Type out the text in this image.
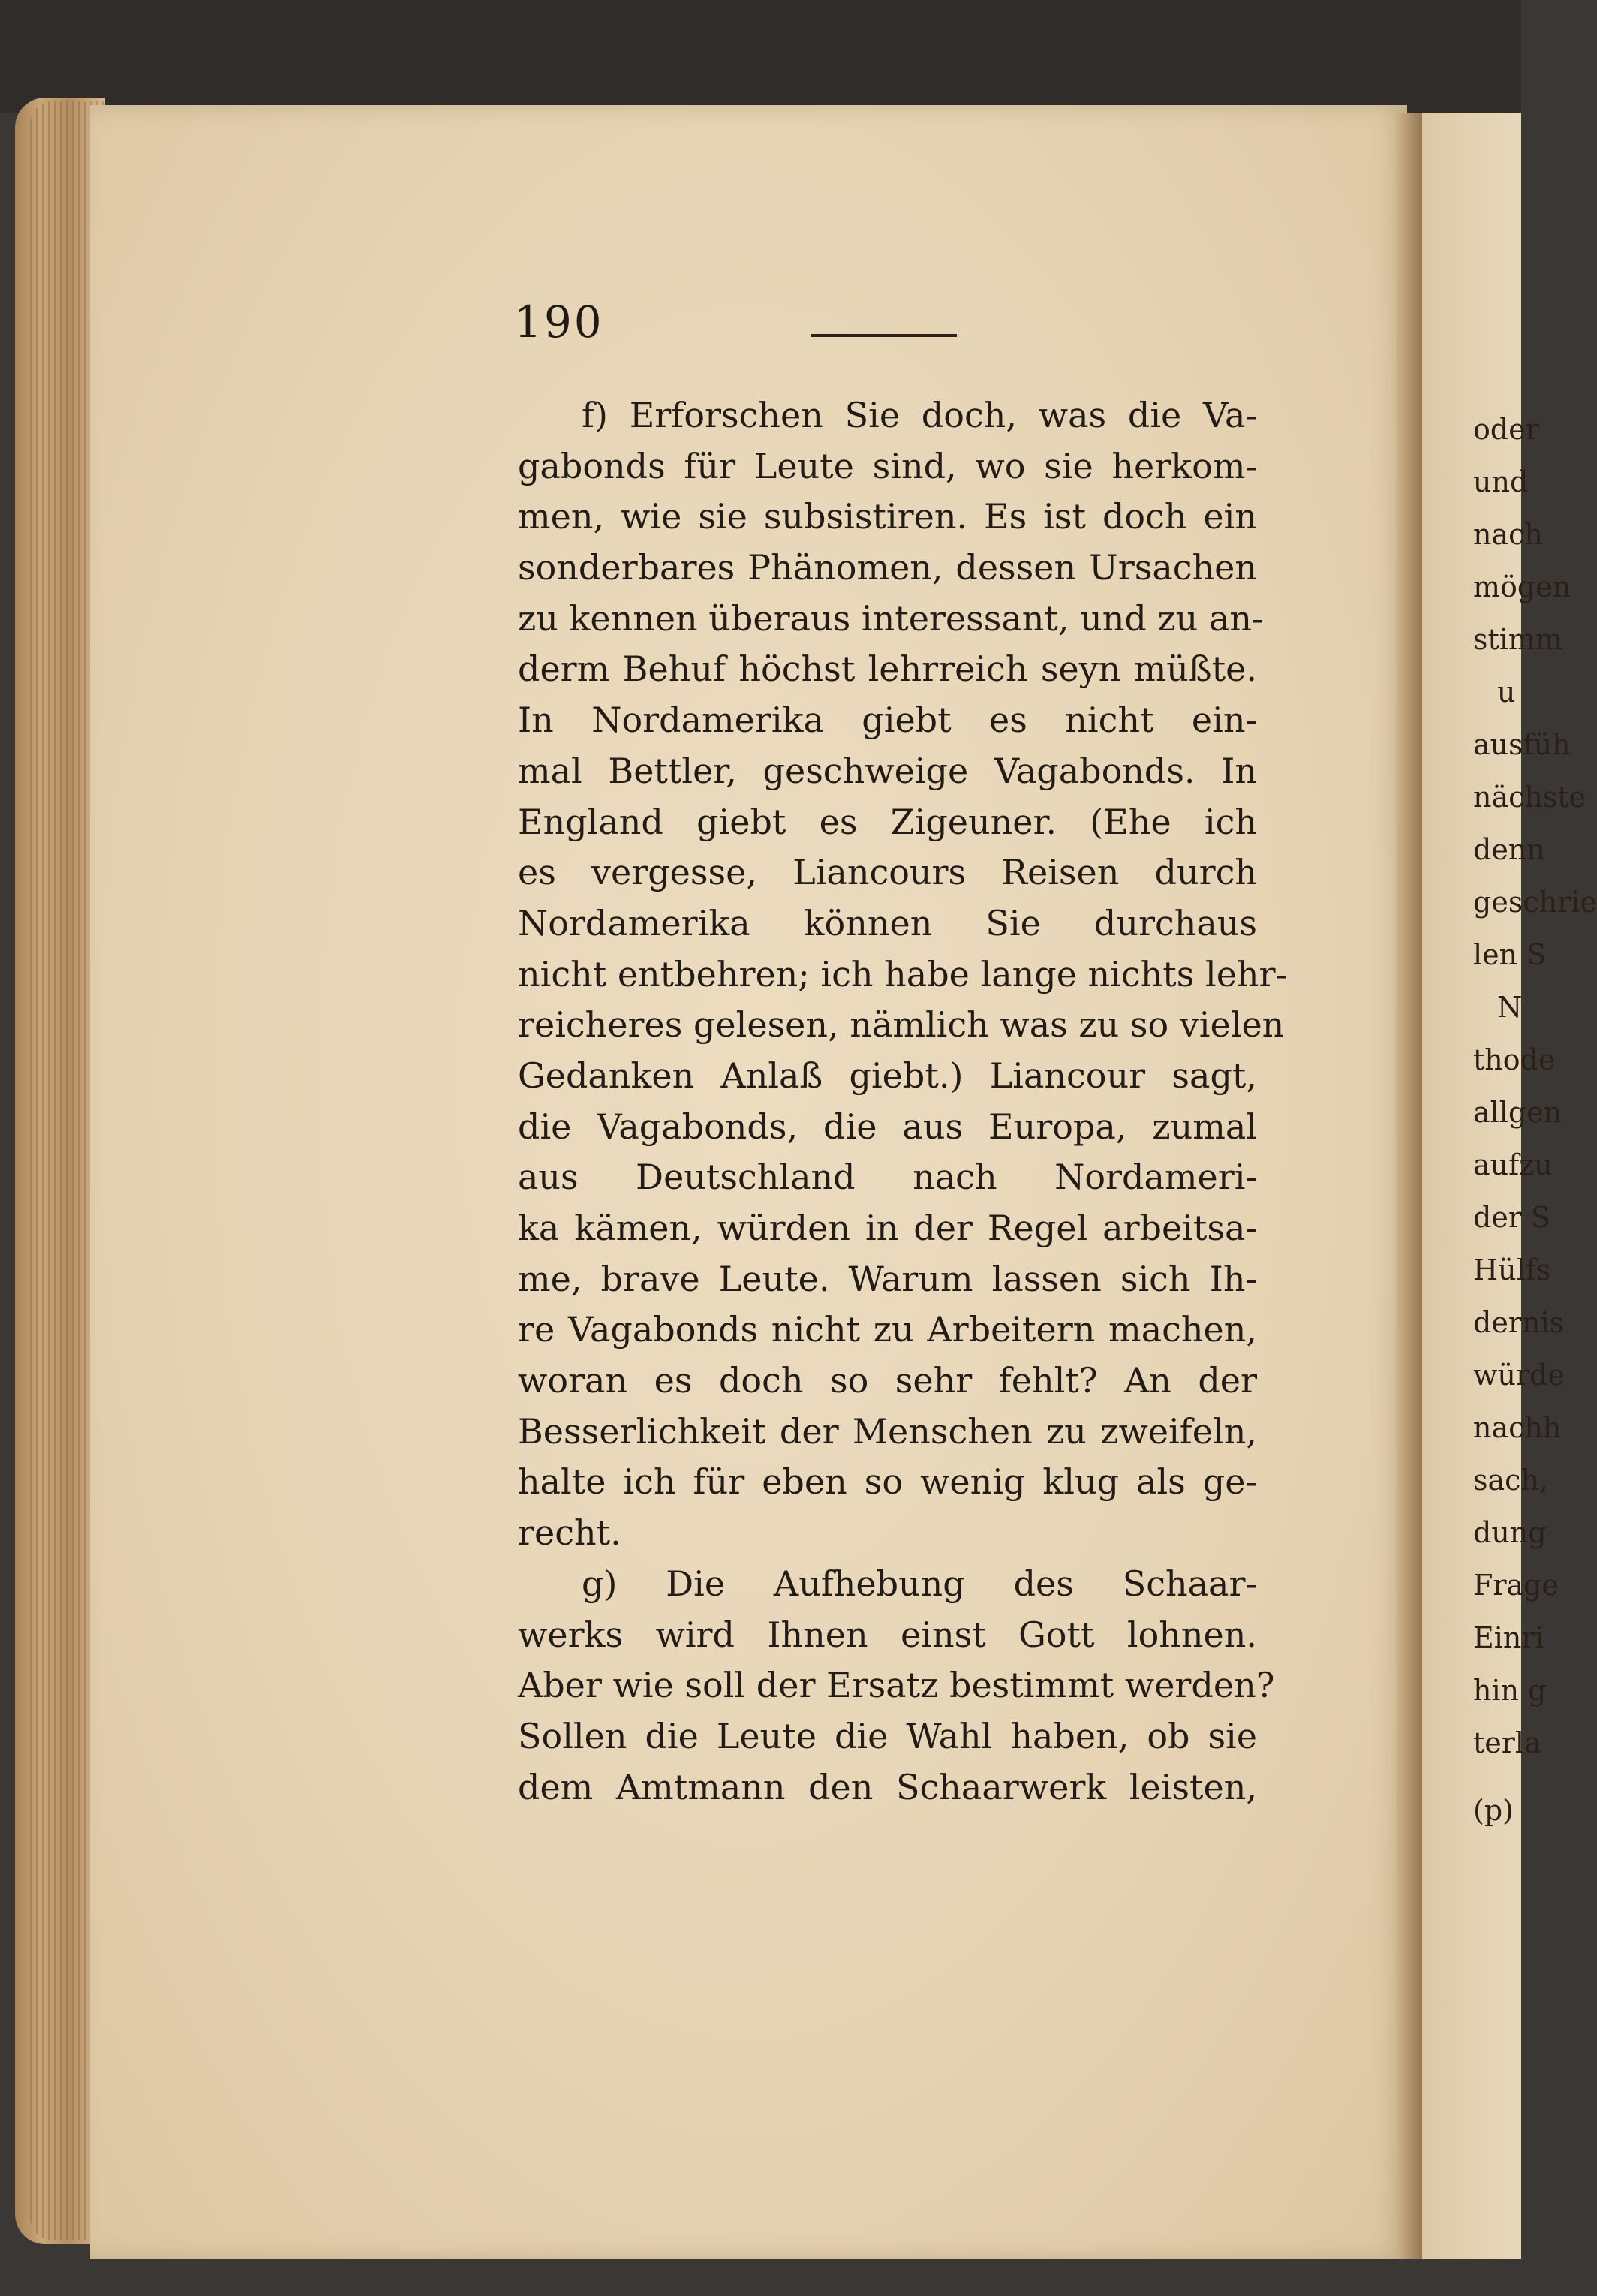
190
f) Erforschen Sie doch, was die Va-
gabonds für Leute sind, wo sie herkom-
men, wie sie subsistiren. Es ist doch ein
sonderbares Phänomen, dessen Ursachen
zu kennen überaus interessant, und zu an-
derm Behuf höchst lehrreich seyn müßte.
In Nordamerika giebt es nicht ein-
mal Bettler, geschweige Vagabonds. In
England giebt es Zigeuner. (Ehe ich
es vergesse, Liancours Reisen durch
Nordamerika können Sie durchaus
nicht entbehren; ich habe lange nichts lehr-
reicheres gelesen, nämlich was zu so vielen
Gedanken Anlaß giebt.) Liancour sagt,
die Vagabonds, die aus Europa, zumal
aus Deutschland nach Nordameri-
ka kämen, würden in der Regel arbeitsa-
me, brave Leute. Warum lassen sich Ih-
re Vagabonds nicht zu Arbeitern machen,
woran es doch so sehr fehlt? An der
Besserlichkeit der Menschen zu zweifeln,
halte ich für eben so wenig klug als ge-
recht.
g) Die Aufhebung des Schaar-
werks wird Ihnen einst Gott lohnen.
Aber wie soll der Ersatz bestimmt werden?
Sollen die Leute die Wahl haben, ob sie
dem Amtmann den Schaarwerk leisten,
oder
und
nach
mögen
stimm
u
ausfüh
nächste
denn
geschrie
len S
N
thode
allgen
aufzu
der S
Hülfs
dernis
würde
nachh
sach,
dung
Frage
Einri
hin g
terla
(p)
